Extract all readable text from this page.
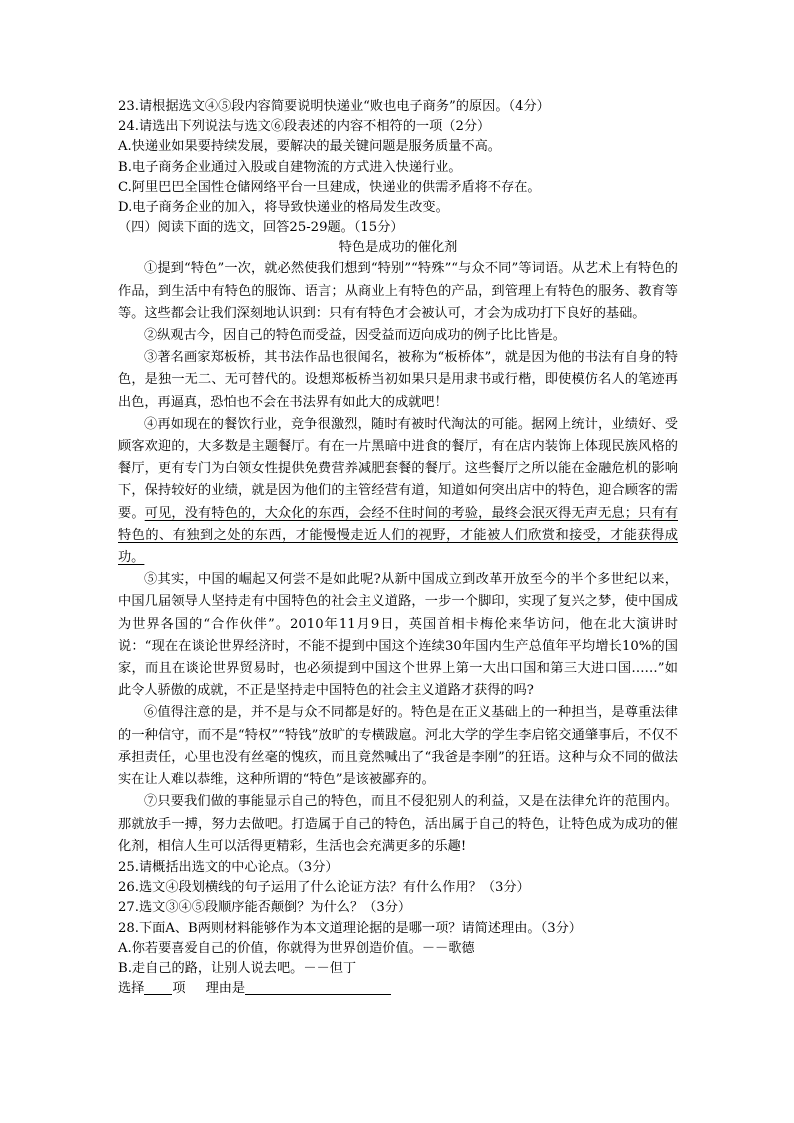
23.请根据选文④⑤段内容简要说明快递业“败也电子商务”的原因。（4分）

24.请选出下列说法与选文⑥段表述的内容不相符的一项（2分）

A.快递业如果要持续发展，要解决的最关键问题是服务质量不高。

B.电子商务企业通过入股或自建物流的方式进入快递行业。

C.阿里巴巴全国性仓储网络平台一旦建成，快递业的供需矛盾将不存在。

D.电子商务企业的加入，将导致快递业的格局发生改变。

（四）阅读下面的选文，回答25-29题。（15分）

特色是成功的催化剂

①提到“特色”一次，就必然使我们想到“特别”“特殊”“与众不同”等词语。从艺术上有特色的作品，到生活中有特色的服饰、语言；从商业上有特色的产品，到管理上有特色的服务、教育等等。这些都会让我们深刻地认识到：只有有特色才会被认可，才会为成功打下良好的基础。

②纵观古今，因自己的特色而受益，因受益而迈向成功的例子比比皆是。

③著名画家郑板桥，其书法作品也很闻名，被称为“板桥体”，就是因为他的书法有自身的特色，是独一无二、无可替代的。设想郑板桥当初如果只是用隶书或行楷，即使模仿名人的笔迹再出色，再逼真，恐怕也不会在书法界有如此大的成就吧！

④再如现在的餐饮行业，竞争很激烈，随时有被时代淘汰的可能。据网上统计，业绩好、受顾客欢迎的，大多数是主题餐厅。有在一片黑暗中进食的餐厅，有在店内装饰上体现民族风格的餐厅，更有专门为白领女性提供免费营养减肥套餐的餐厅。这些餐厅之所以能在金融危机的影响下，保持较好的业绩，就是因为他们的主管经营有道，知道如何突出店中的特色，迎合顾客的需要。可见，没有特色的，大众化的东西，会经不住时间的考验，最终会泯灭得无声无息；只有有特色的、有独到之处的东西，才能慢慢走近人们的视野，才能被人们欣赏和接受，才能获得成功。

⑤其实，中国的崛起又何尝不是如此呢?从新中国成立到改革开放至今的半个多世纪以来，中国几届领导人坚持走有中国特色的社会主义道路，一步一个脚印，实现了复兴之梦，使中国成为世界各国的“合作伙伴”。2010年11月9日，英国首相卡梅伦来华访问，他在北大演讲时说：“现在在谈论世界经济时，不能不提到中国这个连续30年国内生产总值年平均增长10%的国家，而且在谈论世界贸易时，也必须提到中国这个世界上第一大出口国和第三大进口国……”如此令人骄傲的成就，不正是坚持走中国特色的社会主义道路才获得的吗?

⑥值得注意的是，并不是与众不同都是好的。特色是在正义基础上的一种担当，是尊重法律的一种信守，而不是“特权”“特钱”放旷的专横跋扈。河北大学的学生李启铭交通肇事后，不仅不承担责任，心里也没有丝毫的愧疚，而且竟然喊出了“我爸是李刚”的狂语。这种与众不同的做法实在让人难以恭维，这种所谓的“特色”是该被鄙弃的。

⑦只要我们做的事能显示自己的特色，而且不侵犯别人的利益，又是在法律允许的范围内。那就放手一搏，努力去做吧。打造属于自己的特色，活出属于自己的特色，让特色成为成功的催化剂，相信人生可以活得更精彩，生活也会充满更多的乐趣!

25.请概括出选文的中心论点。（3分）

26.选文④段划横线的句子运用了什么论证方法？有什么作用？（3分）

27.选文③④⑤段顺序能否颠倒？为什么？（3分）

28.下面A、B两则材料能够作为本文道理论据的是哪一项？请简述理由。（3分）

A.你若要喜爱自己的价值，你就得为世界创造价值。－－歌德

B.走自己的路，让别人说去吧。－－但丁

选择 项 理由是
